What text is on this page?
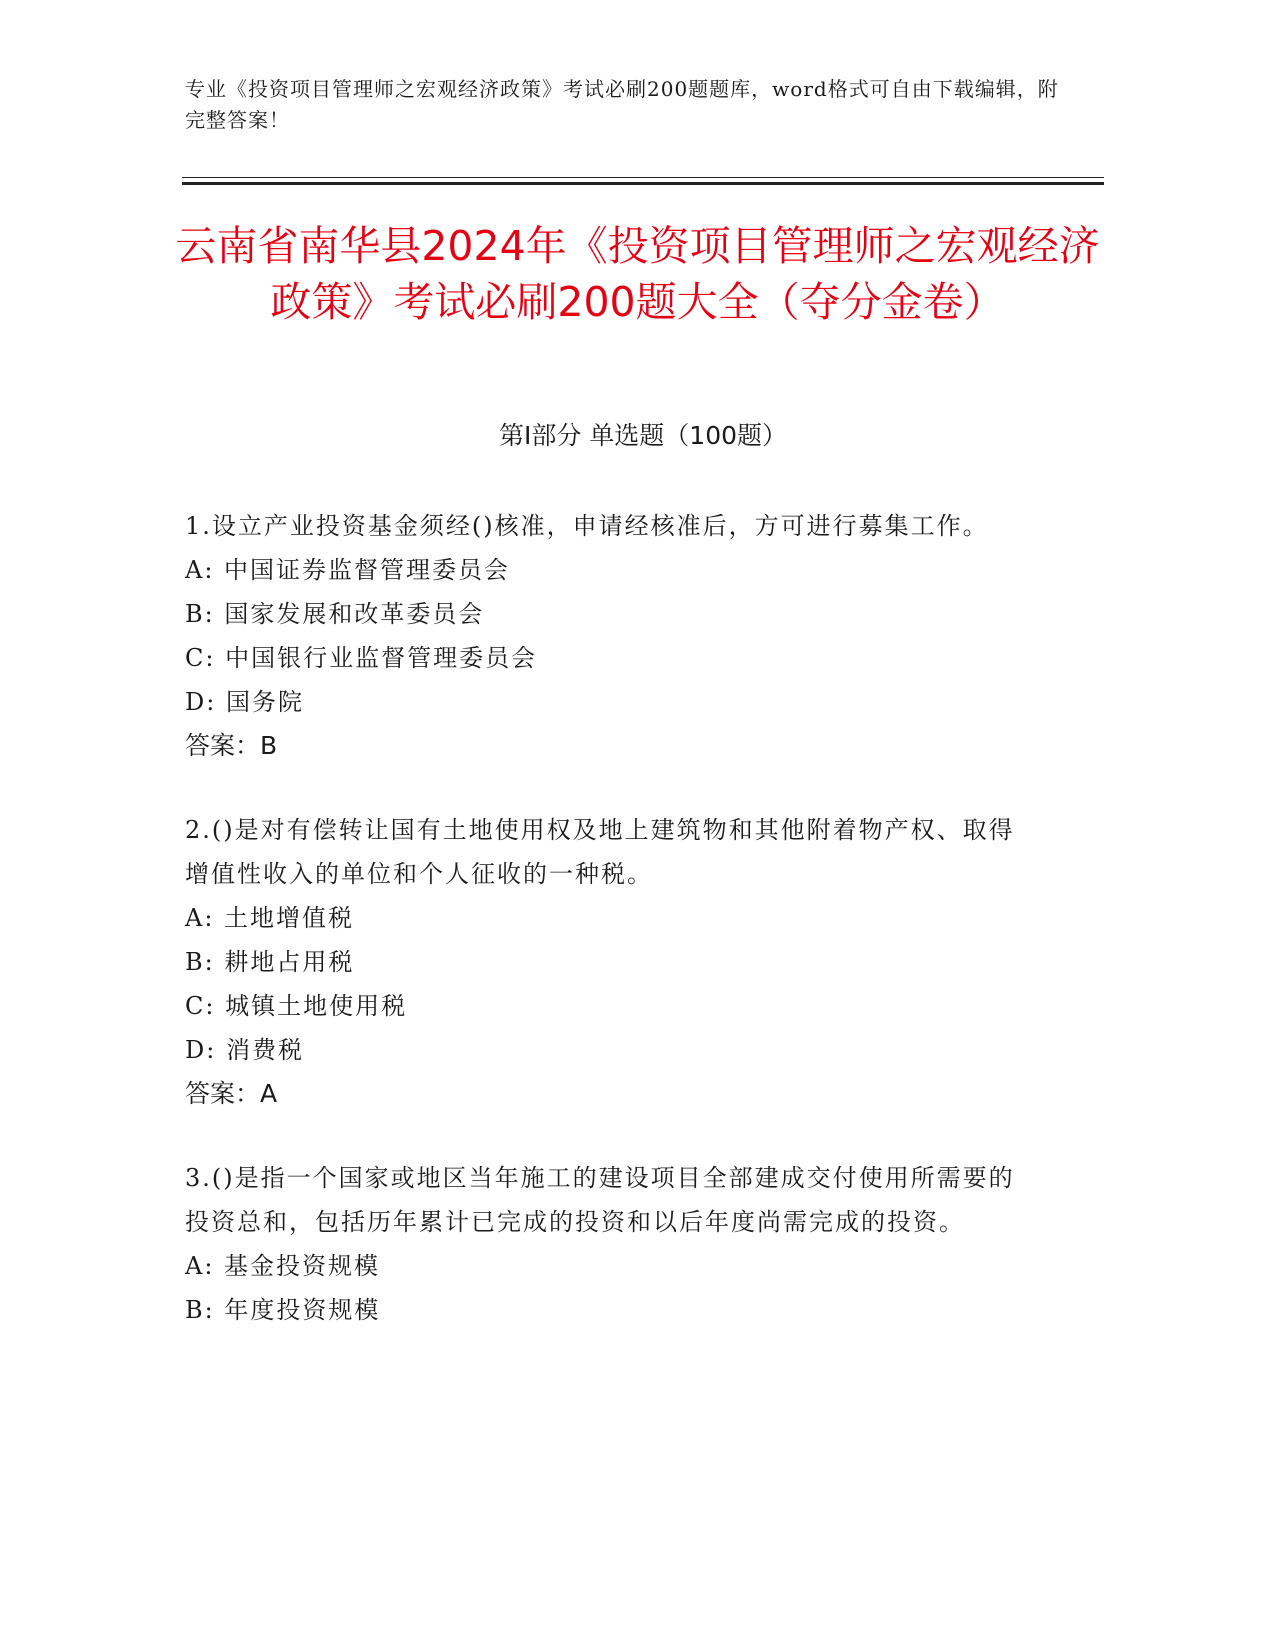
专业《投资项目管理师之宏观经济政策》考试必刷200题题库，word格式可自由下载编辑，附完整答案！
云南省南华县2024年《投资项目管理师之宏观经济政策》考试必刷200题大全（夺分金卷）
第Ⅰ部分 单选题（100题）

1.设立产业投资基金须经()核准，申请经核准后，方可进行募集工作。

A: 中国证券监督管理委员会

B: 国家发展和改革委员会

C: 中国银行业监督管理委员会

D: 国务院

答案：B

2.()是对有偿转让国有土地使用权及地上建筑物和其他附着物产权、取得增值性收入的单位和个人征收的一种税。

A: 土地增值税

B: 耕地占用税

C: 城镇土地使用税

D: 消费税

答案：A

3.()是指一个国家或地区当年施工的建设项目全部建成交付使用所需要的投资总和，包括历年累计已完成的投资和以后年度尚需完成的投资。

A: 基金投资规模

B: 年度投资规模
